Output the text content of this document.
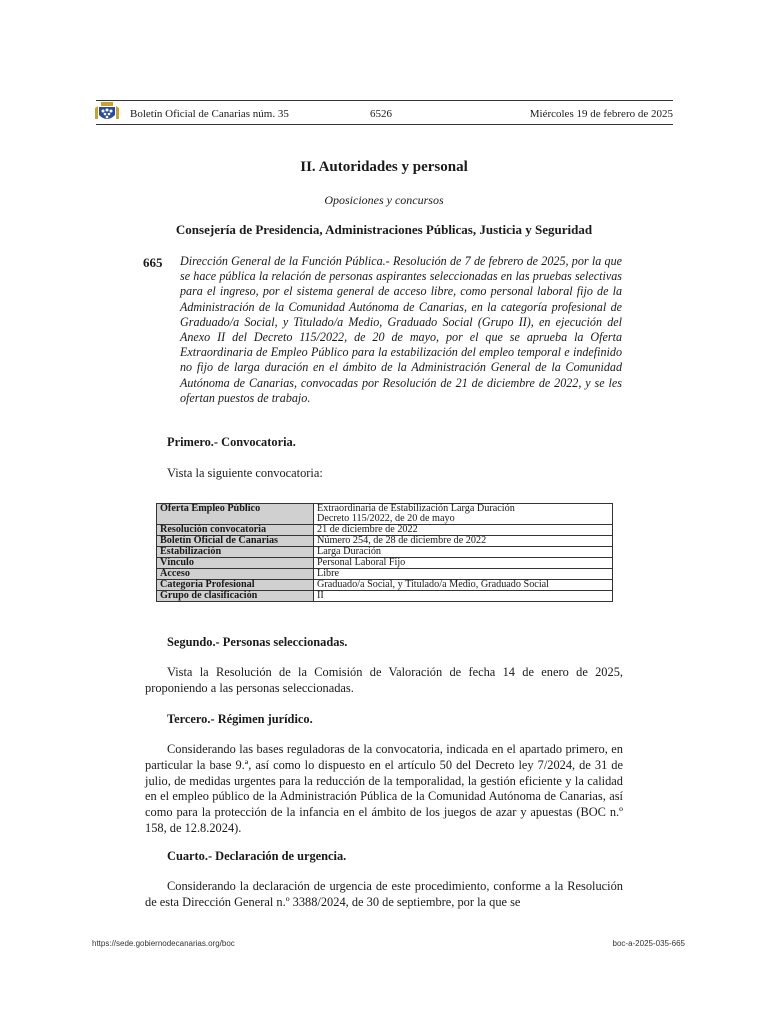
Boletín Oficial de Canarias núm. 35	6526	Miércoles 19 de febrero de 2025
II. Autoridades y personal
Oposiciones y concursos
Consejería de Presidencia, Administraciones Públicas, Justicia y Seguridad
665 Dirección General de la Función Pública.- Resolución de 7 de febrero de 2025, por la que se hace pública la relación de personas aspirantes seleccionadas en las pruebas selectivas para el ingreso, por el sistema general de acceso libre, como personal laboral fijo de la Administración de la Comunidad Autónoma de Canarias, en la categoría profesional de Graduado/a Social, y Titulado/a Medio, Graduado Social (Grupo II), en ejecución del Anexo II del Decreto 115/2022, de 20 de mayo, por el que se aprueba la Oferta Extraordinaria de Empleo Público para la estabilización del empleo temporal e indefinido no fijo de larga duración en el ámbito de la Administración General de la Comunidad Autónoma de Canarias, convocadas por Resolución de 21 de diciembre de 2022, y se les ofertan puestos de trabajo.
Primero.- Convocatoria.
Vista la siguiente convocatoria:
Oferta Empleo Público	Extraordinaria de Estabilización Larga Duración
Decreto 115/2022, de 20 de mayo

Resolución convocatoria	21 de diciembre de 2022
Boletín Oficial de Canarias	Número 254, de 28 de diciembre de 2022
Estabilización	Larga Duración
Vínculo	Personal Laboral Fijo
Acceso	Libre
Categoría Profesional	Graduado/a Social, y Titulado/a Medio, Graduado Social
Grupo de clasificación	II
Segundo.- Personas seleccionadas.
Vista la Resolución de la Comisión de Valoración de fecha 14 de enero de 2025, proponiendo a las personas seleccionadas.
Tercero.- Régimen jurídico.
Considerando las bases reguladoras de la convocatoria, indicada en el apartado primero, en particular la base 9.ª, así como lo dispuesto en el artículo 50 del Decreto ley 7/2024, de 31 de julio, de medidas urgentes para la reducción de la temporalidad, la gestión eficiente y la calidad en el empleo público de la Administración Pública de la Comunidad Autónoma de Canarias, así como para la protección de la infancia en el ámbito de los juegos de azar y apuestas (BOC n.º 158, de 12.8.2024).
Cuarto.- Declaración de urgencia.
Considerando la declaración de urgencia de este procedimiento, conforme a la Resolución de esta Dirección General n.º 3388/2024, de 30 de septiembre, por la que se
https://sede.gobiernodecanarias.org/boc	boc-a-2025-035-665
